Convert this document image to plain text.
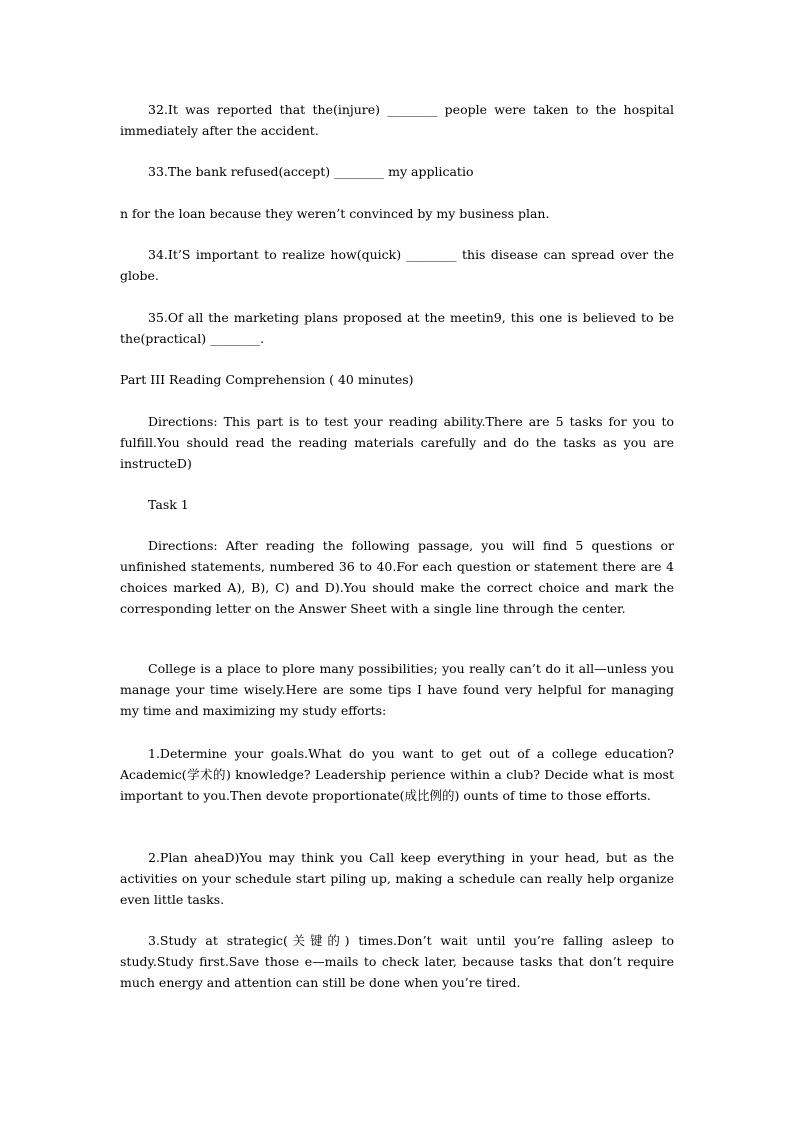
32.It was reported that the(injure) ________ people were taken to the hospital immediately after the accident.

33.The bank refused(accept) ________ my applicatio

n for the loan because they weren’t convinced by my business plan.

34.It’S important to realize how(quick) ________ this disease can spread over the globe.

35.Of all the marketing plans proposed at the meetin9, this one is believed to be the(practical) ________.

Part III Reading Comprehension ( 40 minutes)

Directions: This part is to test your reading ability.There are 5 tasks for you to fulfill.You should read the reading materials carefully and do the tasks as you are instructeD)

Task 1

Directions: After reading the following passage, you will find 5 questions or unfinished statements, numbered 36 to 40.For each question or statement there are 4 choices marked A), B), C) and D).You should make the correct choice and mark the corresponding letter on the Answer Sheet with a single line through the center.

College is a place to plore many possibilities; you really can’t do it all—unless you manage your time wisely.Here are some tips I have found very helpful for managing my time and maximizing my study efforts:

1.Determine your goals.What do you want to get out of a college education? Academic(学术的) knowledge? Leadership perience within a club? Decide what is most important to you.Then devote proportionate(成比例的) ounts of time to those efforts.

2.Plan aheaD)You may think you Call keep everything in your head, but as the activities on your schedule start piling up, making a schedule can really help organize even little tasks.

3.Study at strategic(关键的) times.Don’t wait until you’re falling asleep to study.Study first.Save those e—mails to check later, because tasks that don’t require much energy and attention can still be done when you’re tired.
